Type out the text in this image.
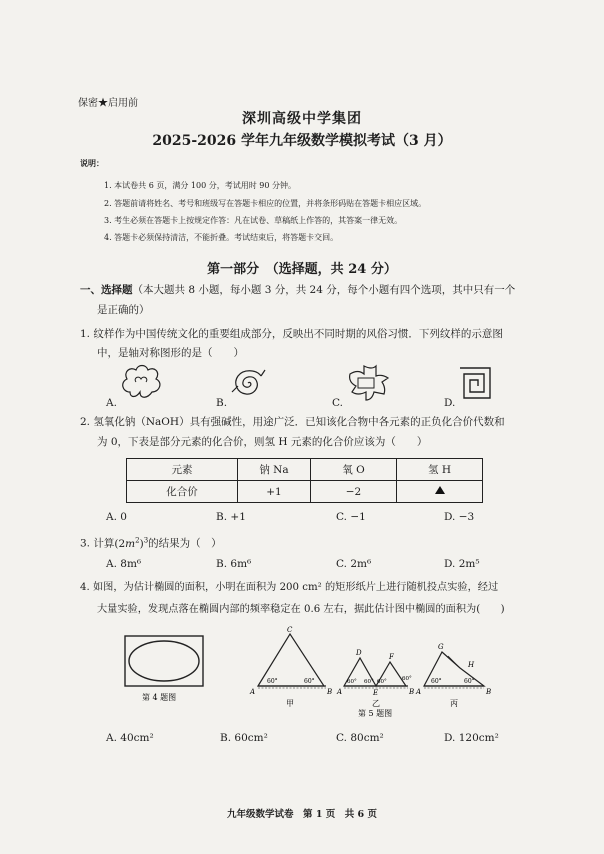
保密★启用前
深圳高级中学集团
2025-2026 学年九年级数学模拟考试（3 月）
说明：
1. 本试卷共 6 页，满分 100 分，考试用时 90 分钟。
2. 答题前请将姓名、考号和班级写在答题卡相应的位置，并将条形码贴在答题卡相应区域。
3. 考生必须在答题卡上按规定作答：凡在试卷、草稿纸上作答的，其答案一律无效。
4. 答题卡必须保持清洁，不能折叠。考试结束后，将答题卡交回。
第一部分　（选择题，共 24 分）
一、选择题（本大题共 8 小题，每小题 3 分，共 24 分，每个小题有四个选项，其中只有一个
是正确的）
1. 纹样作为中国传统文化的重要组成部分，反映出不同时期的风俗习惯．下列纹样的示意图
中，是轴对称图形的是（　　）
A.	B.	C.	D.
2. 氢氧化钠（NaOH）具有强碱性，用途广泛．已知该化合物中各元素的正负化合价代数和
为 0，下表是部分元素的化合价，则氢 H 元素的化合价应该为（　　）
元素	钠 Na	氧 O	氢 H
化合价	+1	−2	
A. 0	B. +1	C. −1	D. −3
3. 计算$(2m^2)^3$的结果为（　）
A. 8m⁶	B. 6m⁶	C. 2m⁶	D. 2m⁵
4. 如图，为估计椭圆的面积，小明在面积为 200 cm² 的矩形纸片上进行随机投点实验，经过
大量实验，发现点落在椭圆内部的频率稳定在 0.6 左右，据此估计图中椭圆的面积为(　　)
第 4 题图
C
A	B
60°	60°
甲
D	F
A	E	B
60° 60° 60°	60°
乙
第 5 题图
G
H
A	B
60°	60°
丙
A. 40cm²	B. 60cm²	C. 80cm²	D. 120cm²
九年级数学试卷　第 1 页　共 6 页
